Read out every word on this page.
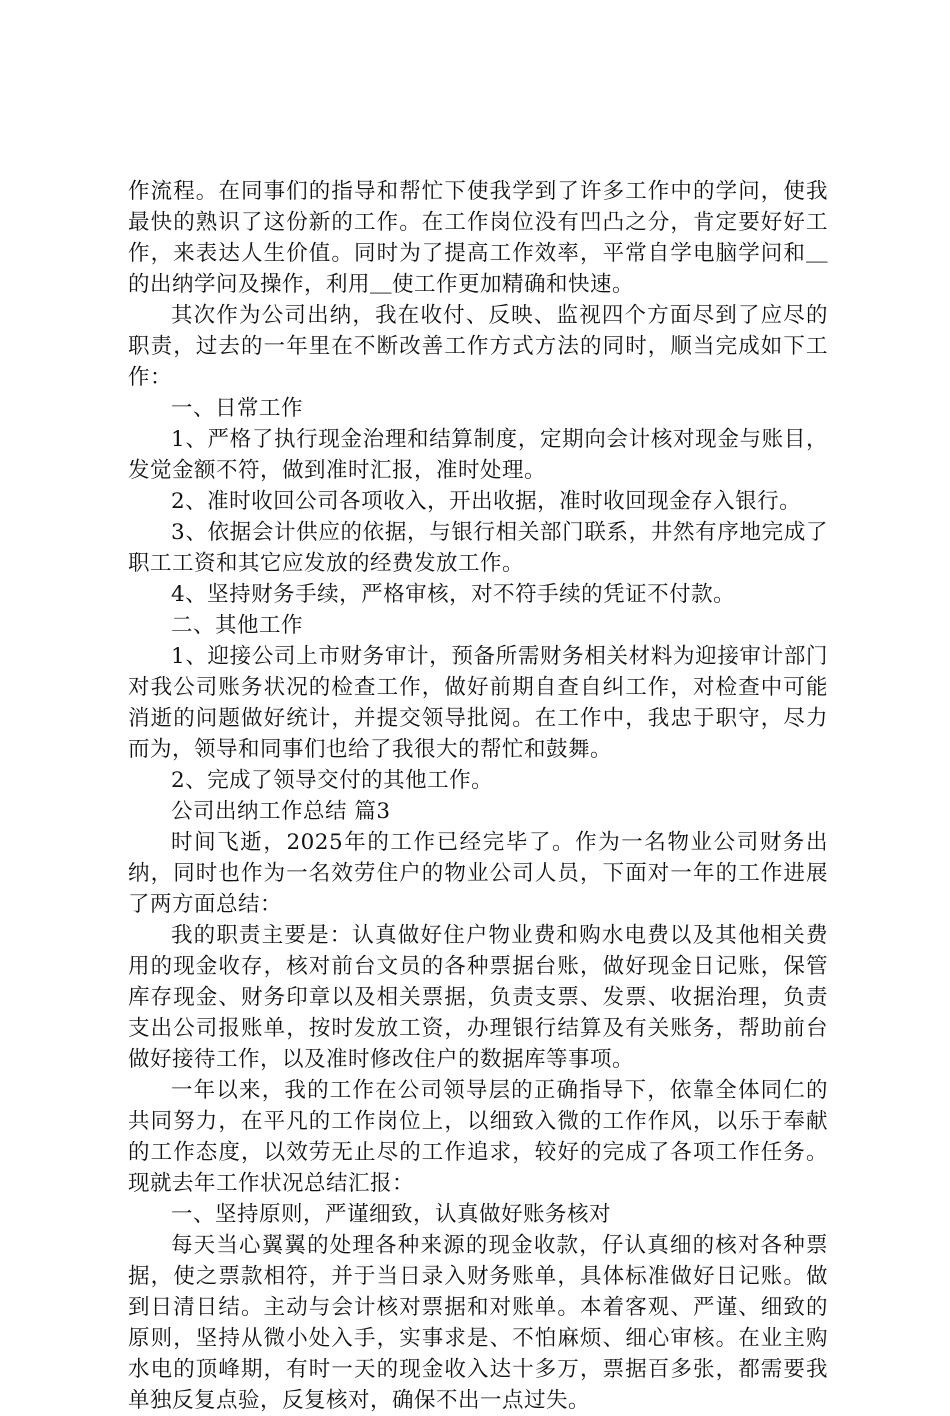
作流程。在同事们的指导和帮忙下使我学到了许多工作中的学问，使我最快的熟识了这份新的工作。在工作岗位没有凹凸之分，肯定要好好工作，来表达人生价值。同时为了提高工作效率，平常自学电脑学问和＿的出纳学问及操作，利用＿使工作更加精确和快速。

其次作为公司出纳，我在收付、反映、监视四个方面尽到了应尽的职责，过去的一年里在不断改善工作方式方法的同时，顺当完成如下工作：

一、日常工作

1、严格了执行现金治理和结算制度，定期向会计核对现金与账目，发觉金额不符，做到准时汇报，准时处理。

2、准时收回公司各项收入，开出收据，准时收回现金存入银行。

3、依据会计供应的依据，与银行相关部门联系，井然有序地完成了职工工资和其它应发放的经费发放工作。

4、坚持财务手续，严格审核，对不符手续的凭证不付款。

二、其他工作

1、迎接公司上市财务审计，预备所需财务相关材料为迎接审计部门对我公司账务状况的检查工作，做好前期自查自纠工作，对检查中可能消逝的问题做好统计，并提交领导批阅。在工作中，我忠于职守，尽力而为，领导和同事们也给了我很大的帮忙和鼓舞。

2、完成了领导交付的其他工作。

公司出纳工作总结 篇3

时间飞逝，2025年的工作已经完毕了。作为一名物业公司财务出纳，同时也作为一名效劳住户的物业公司人员，下面对一年的工作进展了两方面总结：

我的职责主要是：认真做好住户物业费和购水电费以及其他相关费用的现金收存，核对前台文员的各种票据台账，做好现金日记账，保管库存现金、财务印章以及相关票据，负责支票、发票、收据治理，负责支出公司报账单，按时发放工资，办理银行结算及有关账务，帮助前台做好接待工作，以及准时修改住户的数据库等事项。

一年以来，我的工作在公司领导层的正确指导下，依靠全体同仁的共同努力，在平凡的工作岗位上，以细致入微的工作作风，以乐于奉献的工作态度，以效劳无止尽的工作追求，较好的完成了各项工作任务。现就去年工作状况总结汇报：

一、坚持原则，严谨细致，认真做好账务核对

每天当心翼翼的处理各种来源的现金收款，仔认真细的核对各种票据，使之票款相符，并于当日录入财务账单，具体标准做好日记账。做到日清日结。主动与会计核对票据和对账单。本着客观、严谨、细致的原则，坚持从微小处入手，实事求是、不怕麻烦、细心审核。在业主购水电的顶峰期，有时一天的现金收入达十多万，票据百多张，都需要我单独反复点验，反复核对，确保不出一点过失。
